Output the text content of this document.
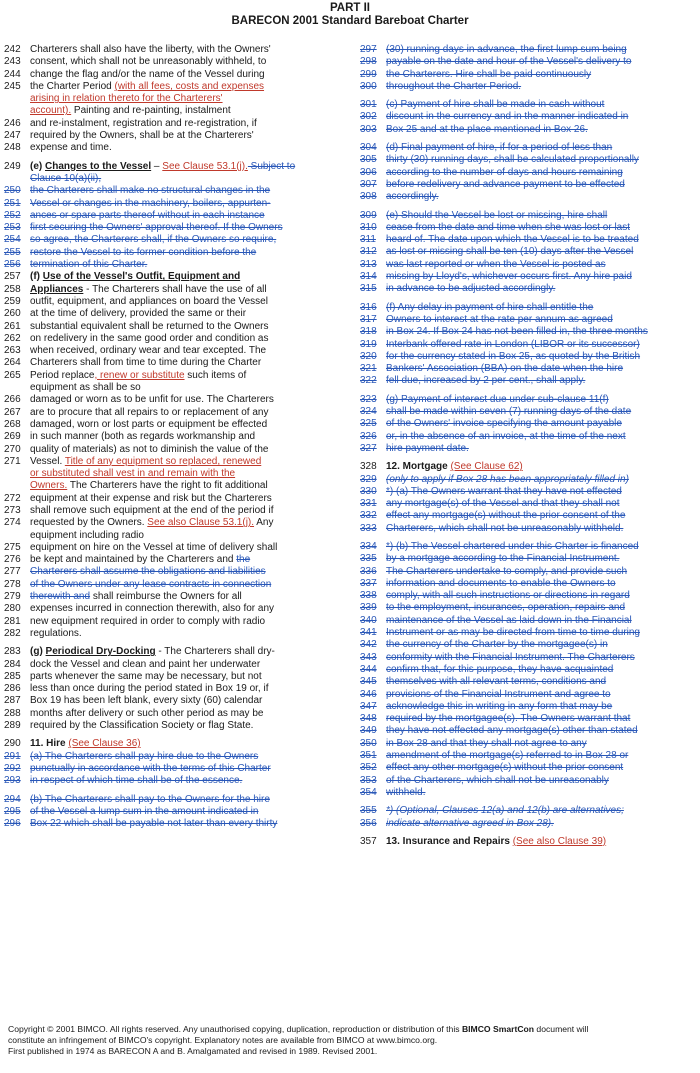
PART II
BARECON 2001 Standard Bareboat Charter
242 Charterers shall also have the liberty, with the Owners'
243 consent, which shall not be unreasonably withheld, to
244 change the flag and/or the name of the Vessel during
245 the Charter Period (with all fees, costs and expenses
arising in relation thereto for the Charterers'
account). Painting and re-painting, instalment
246 and re-instalment, registration and re-registration, if
247 required by the Owners, shall be at the Charterers'
248 expense and time.
249 (e) Changes to the Vessel – See Clause 53.1(j). Subject to
Clause 10(a)(ii),
250 the Charterers shall make no structural changes in the
251 Vessel or changes in the machinery, boilers, appurten-
252 ances or spare parts thereof without in each instance
253 first securing the Owners' approval thereof. If the Owners
254 so agree, the Charterers shall, if the Owners so require,
255 restore the Vessel to its former condition before the
256 termination of this Charter.
257 (f) Use of the Vessel's Outfit, Equipment and
258 Appliances - The Charterers shall have the use of all
259 outfit, equipment, and appliances on board the Vessel
260 at the time of delivery, provided the same or their
261 substantial equivalent shall be returned to the Owners
262 on redelivery in the same good order and condition as
263 when received, ordinary wear and tear excepted. The
264 Charterers shall from time to time during the Charter
265 Period replace, renew or substitute such items of
equipment as shall be so
266 damaged or worn as to be unfit for use. The Charterers
267 are to procure that all repairs to or replacement of any
268 damaged, worn or lost parts or equipment be effected
269 in such manner (both as regards workmanship and
270 quality of materials) as not to diminish the value of the
271 Vessel. Title of any equipment so replaced, renewed
or substituted shall vest in and remain with the
Owners. The Charterers have the right to fit additional
272 equipment at their expense and risk but the Charterers
273 shall remove such equipment at the end of the period if
274 requested by the Owners. See also Clause 53.1(j). Any
equipment including radio
275 equipment on hire on the Vessel at time of delivery shall
276 be kept and maintained by the Charterers and the
277 Charterers shall assume the obligations and liabilities
278 of the Owners under any lease contracts in connection
279 therewith and shall reimburse the Owners for all
280 expenses incurred in connection therewith, also for any
281 new equipment required in order to comply with radio
282 regulations.
283 (g) Periodical Dry-Docking - The Charterers shall dry-
284 dock the Vessel and clean and paint her underwater
285 parts whenever the same may be necessary, but not
286 less than once during the period stated in Box 19 or, if
287 Box 19 has been left blank, every sixty (60) calendar
288 months after delivery or such other period as may be
289 required by the Classification Society or flag State.
290 11. Hire (See Clause 36)
291 (a) The Charterers shall pay hire due to the Owners
292 punctually in accordance with the terms of this Charter
293 in respect of which time shall be of the essence.
294 (b) The Charterers shall pay to the Owners for the hire
295 of the Vessel a lump sum in the amount indicated in
296 Box 22 which shall be payable not later than every thirty
297 (30) running days in advance, the first lump sum being
298 payable on the date and hour of the Vessel's delivery to
299 the Charterers. Hire shall be paid continuously
300 throughout the Charter Period.
301 (c) Payment of hire shall be made in cash without
302 discount in the currency and in the manner indicated in
303 Box 25 and at the place mentioned in Box 26.
304 (d) Final payment of hire, if for a period of less than
305 thirty (30) running days, shall be calculated proportionally
306 according to the number of days and hours remaining
307 before redelivery and advance payment to be effected
308 accordingly.
309 (e) Should the Vessel be lost or missing, hire shall
310 cease from the date and time when she was lost or last
311	heard of. The date upon which the Vessel is to be treated
312 as lost or missing shall be ten (10) days after the Vessel
313 was last reported or when the Vessel is posted as
314 missing by Lloyd's, whichever occurs first. Any hire paid
315 in advance to be adjusted accordingly.
316 (f) Any delay in payment of hire shall entitle the
317 Owners to interest at the rate per annum as agreed
318 in Box 24. If Box 24 has not been filled in, the three months
319 Interbank offered rate in London (LIBOR or its successor)
320 for the currency stated in Box 25, as quoted by the British
321 Bankers' Association (BBA) on the date when the hire
322 fell due, increased by 2 per cent., shall apply.
323 (g) Payment of interest due under sub-clause 11(f)
324 shall be made within seven (7) running days of the date
325 of the Owners' invoice specifying the amount payable
326 or, in the absence of an invoice, at the time of the next
327 hire payment date.
328 12. Mortgage (See Clause 62)
329 (only to apply if Box 28 has been appropriately filled in)
330 *) (a) The Owners warrant that they have not effected
331 any mortgage(s) of the Vessel and that they shall not
332 effect any mortgage(s) without the prior consent of the
333 Charterers, which shall not be unreasonably withheld.
334 *) (b) The Vessel chartered under this Charter is financed
335 by a mortgage according to the Financial Instrument.
336 The Charterers undertake to comply, and provide such
337 information and documents to enable the Owners to
338 comply, with all such instructions or directions in regard
339 to the employment, insurances, operation, repairs and
340 maintenance of the Vessel as laid down in the Financial
341 Instrument or as may be directed from time to time during
342 the currency of the Charter by the mortgagee(s) in
343 conformity with the Financial Instrument. The Charterers
344 confirm that, for this purpose, they have acquainted
345 themselves with all relevant terms, conditions and
346 provisions of the Financial Instrument and agree to
347 acknowledge this in writing in any form that may be
348 required by the mortgagee(s). The Owners warrant that
349 they have not effected any mortgage(s) other than stated
350 in Box 28 and that they shall not agree to any
351 amendment of the mortgage(s) referred to in Box 28 or
352 effect any other mortgage(s) without the prior consent
353 of the Charterers, which shall not be unreasonably
354 withheld.
355 *) (Optional, Clauses 12(a) and 12(b) are alternatives;
356 indicate alternative agreed in Box 28).
357 13. Insurance and Repairs (See also Clause 39)
Copyright © 2001 BIMCO. All rights reserved. Any unauthorised copying, duplication, reproduction or distribution of this BIMCO SmartCon document will
constitute an infringement of BIMCO's copyright. Explanatory notes are available from BIMCO at www.bimco.org.
First published in 1974 as BARECON A and B. Amalgamated and revised in 1989. Revised 2001.
